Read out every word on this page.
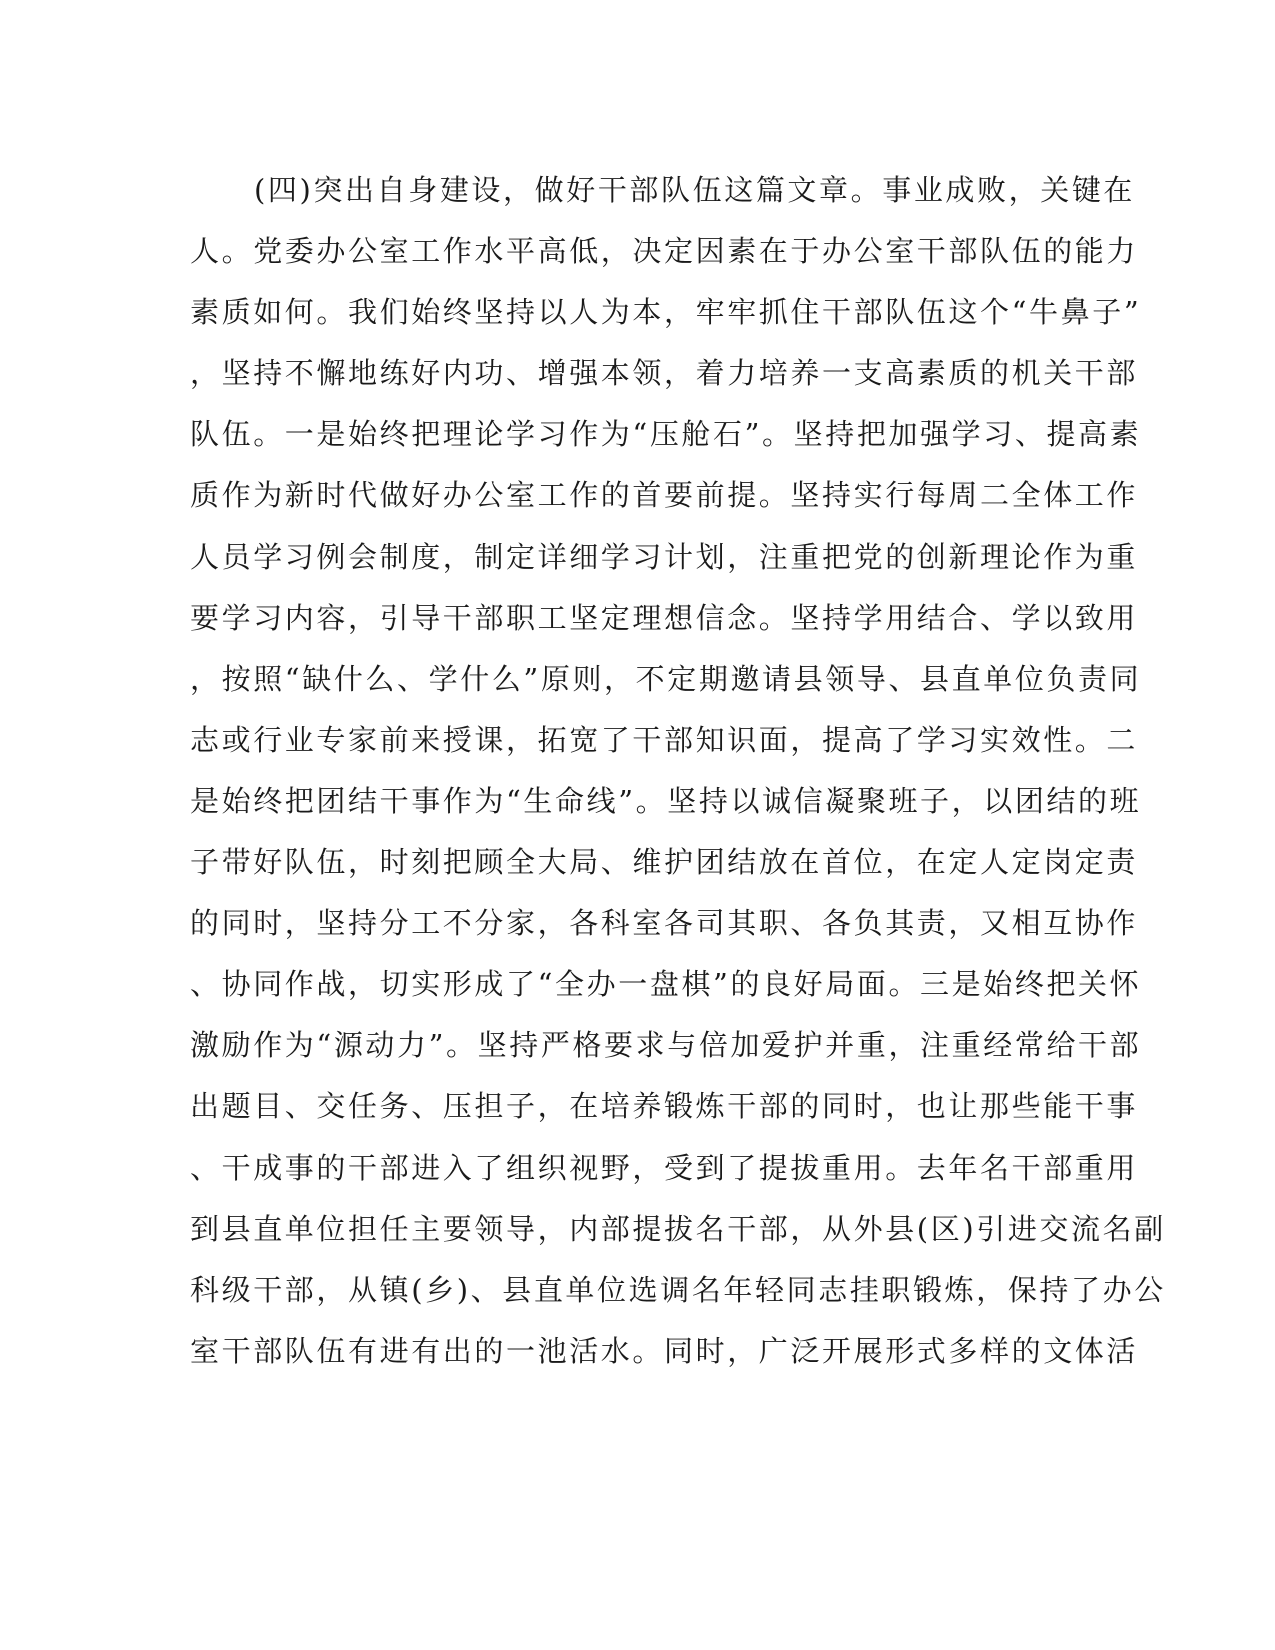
(四)突出自身建设，做好干部队伍这篇文章。事业成败，关键在
人。党委办公室工作水平高低，决定因素在于办公室干部队伍的能力
素质如何。我们始终坚持以人为本，牢牢抓住干部队伍这个“牛鼻子”
，坚持不懈地练好内功、增强本领，着力培养一支高素质的机关干部
队伍。一是始终把理论学习作为“压舱石”。坚持把加强学习、提高素
质作为新时代做好办公室工作的首要前提。坚持实行每周二全体工作
人员学习例会制度，制定详细学习计划，注重把党的创新理论作为重
要学习内容，引导干部职工坚定理想信念。坚持学用结合、学以致用
，按照“缺什么、学什么”原则，不定期邀请县领导、县直单位负责同
志或行业专家前来授课，拓宽了干部知识面，提高了学习实效性。二
是始终把团结干事作为“生命线”。坚持以诚信凝聚班子，以团结的班
子带好队伍，时刻把顾全大局、维护团结放在首位，在定人定岗定责
的同时，坚持分工不分家，各科室各司其职、各负其责，又相互协作
、协同作战，切实形成了“全办一盘棋”的良好局面。三是始终把关怀
激励作为“源动力”。坚持严格要求与倍加爱护并重，注重经常给干部
出题目、交任务、压担子，在培养锻炼干部的同时，也让那些能干事
、干成事的干部进入了组织视野，受到了提拔重用。去年名干部重用
到县直单位担任主要领导，内部提拔名干部，从外县(区)引进交流名副
科级干部，从镇(乡)、县直单位选调名年轻同志挂职锻炼，保持了办公
室干部队伍有进有出的一池活水。同时，广泛开展形式多样的文体活
